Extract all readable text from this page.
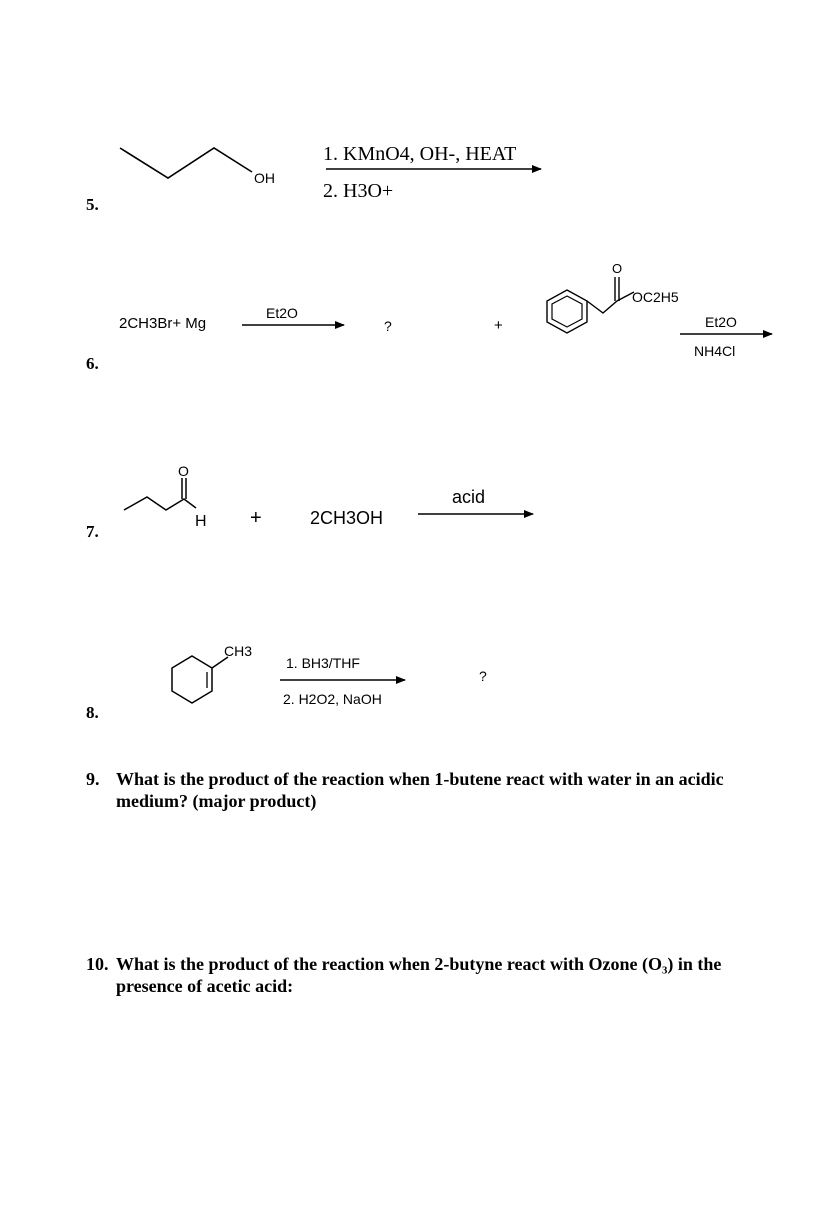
5.
6.
7.
8.
OH
1. KMnO4, OH-, HEAT
2. H3O+
2CH3Br+ Mg
Et2O
?	+
O
OC2H5
Et2O
NH4Cl
O
H +	2CH3OH
acid
CH3
1. BH3/THF
2. H2O2, NaOH
?
9. What is the product of the reaction when 1-butene react with water in an acidic medium? (major product)
10. What is the product of the reaction when 2-butyne react with Ozone (O₃) in the presence of acetic acid:
